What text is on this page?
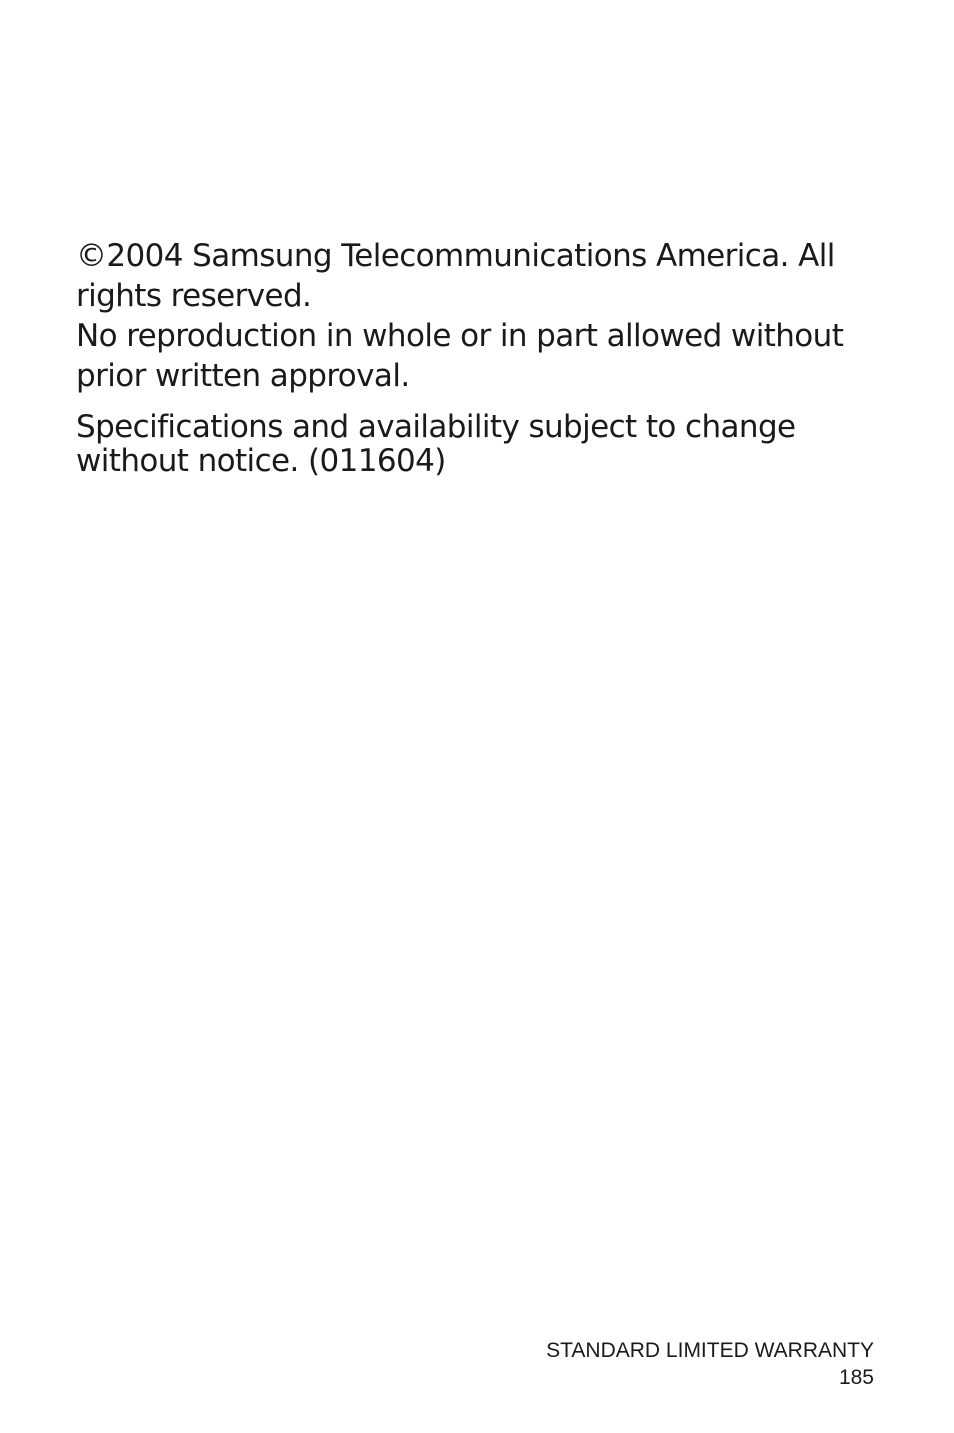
©2004 Samsung Telecommunications America. All rights reserved.

No reproduction in whole or in part allowed without prior written approval.

Specifications and availability subject to change without notice. (011604)

STANDARD LIMITED WARRANTY
185
